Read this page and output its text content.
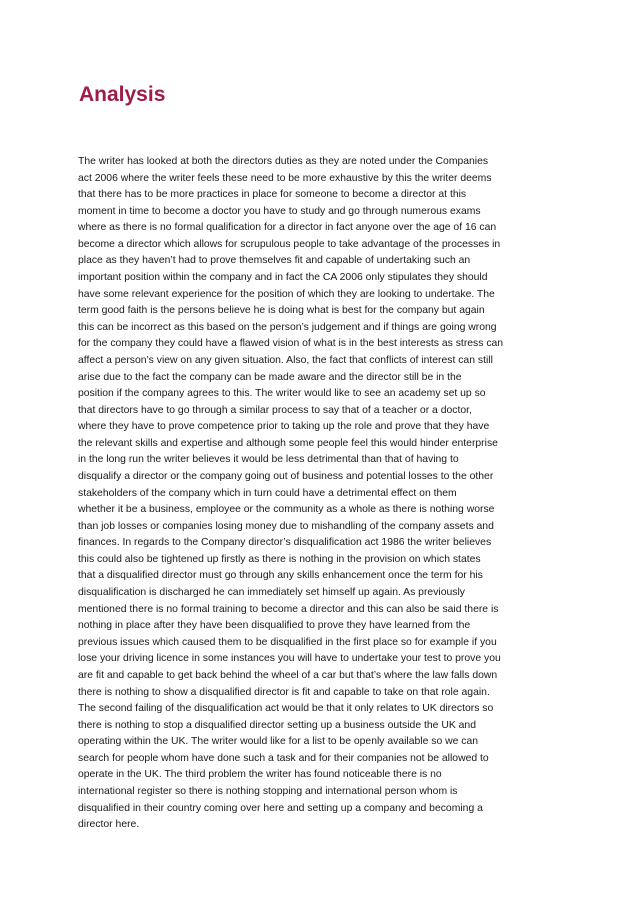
Analysis
The writer has looked at both the directors duties as they are noted under the Companies
act 2006 where the writer feels these need to be more exhaustive by this the writer deems
that there has to be more practices in place for someone to become a director at this
moment in time to become a doctor you have to study and go through numerous exams
where as there is no formal qualification for a director in fact anyone over the age of 16 can
become a director which allows for scrupulous people to take advantage of the processes in
place as they haven’t had to prove themselves fit and capable of undertaking such an
important position within the company and in fact the CA 2006 only stipulates they should
have some relevant experience for the position of which they are looking to undertake. The
term good faith is the persons believe he is doing what is best for the company but again
this can be incorrect as this based on the person’s judgement and if things are going wrong
for the company they could have a flawed vision of what is in the best interests as stress can
affect a person’s view on any given situation. Also, the fact that conflicts of interest can still
arise due to the fact the company can be made aware and the director still be in the
position if the company agrees to this. The writer would like to see an academy set up so
that directors have to go through a similar process to say that of a teacher or a doctor,
where they have to prove competence prior to taking up the role and prove that they have
the relevant skills and expertise and although some people feel this would hinder enterprise
in the long run the writer believes it would be less detrimental than that of having to
disqualify a director or the company going out of business and potential losses to the other
stakeholders of the company which in turn could have a detrimental effect on them
whether it be a business, employee or the community as a whole as there is nothing worse
than job losses or companies losing money due to mishandling of the company assets and
finances. In regards to the Company director’s disqualification act 1986 the writer believes
this could also be tightened up firstly as there is nothing in the provision on which states
that a disqualified director must go through any skills enhancement once the term for his
disqualification is discharged he can immediately set himself up again. As previously
mentioned there is no formal training to become a director and this can also be said there is
nothing in place after they have been disqualified to prove they have learned from the
previous issues which caused them to be disqualified in the first place so for example if you
lose your driving licence in some instances you will have to undertake your test to prove you
are fit and capable to get back behind the wheel of a car but that’s where the law falls down
there is nothing to show a disqualified director is fit and capable to take on that role again.
The second failing of the disqualification act would be that it only relates to UK directors so
there is nothing to stop a disqualified director setting up a business outside the UK and
operating within the UK. The writer would like for a list to be openly available so we can
search for people whom have done such a task and for their companies not be allowed to
operate in the UK. The third problem the writer has found noticeable there is no
international register so there is nothing stopping and international person whom is
disqualified in their country coming over here and setting up a company and becoming a
director here.
